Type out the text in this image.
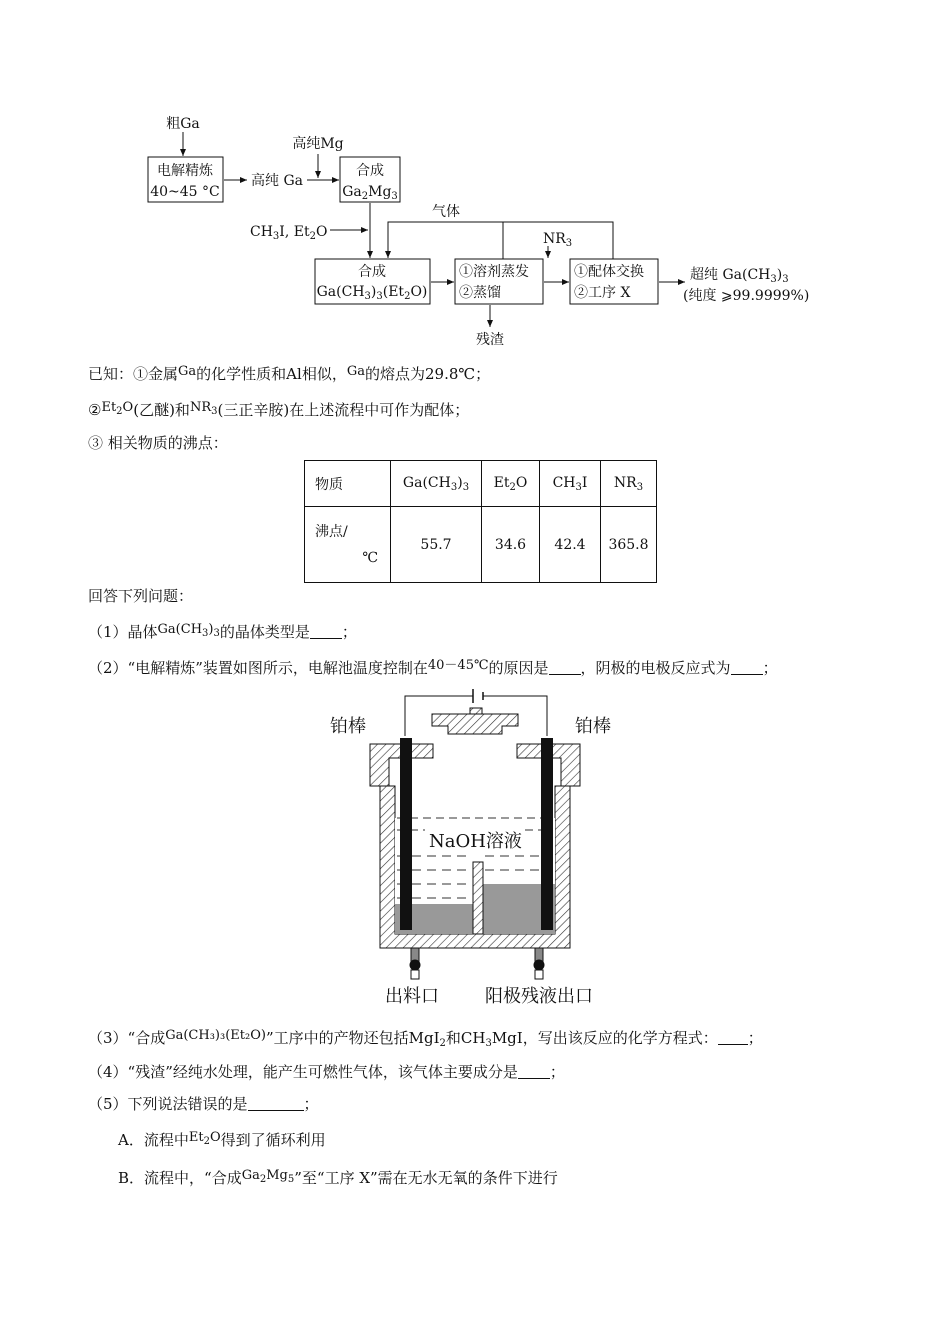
粗Ga
电解精炼
40~45 °C
高纯 Ga
高纯Mg
合成
$Ga_2Mg_3$
气体
$CH_3I$, $Et_2O$
合成
$Ga(CH_3)_3(Et_2O)$
①溶剂蒸发
②蒸馏
$NR_3$
①配体交换
②工序 X
残渣
超纯 $Ga(CH_3)_3$
(纯度 ⩾99.9999%)
已知：①金属Ga的化学性质和Al相似，Ga的熔点为29.8℃；
$②Et_2O$(乙醚)和$NR_3$(三正辛胺)在上述流程中可作为配体；
③ 相关物质的沸点：
物质	$Ga(CH_3)_3$	$Et_2O$	$CH_3I$	$NR_3$

沸点/
℃	55.7	34.6	42.4	365.8
回答下列问题：
（1）晶体$Ga(CH_3)_3$的晶体类型是 ；
（2）“电解精炼”装置如图所示，电解池温度控制在40－45℃的原因是 ，阴极的电极反应式为 ；
铂棒	铂棒
NaOH溶液
出料口	阳极残液出口
（3）“合成Ga(CH₃)₃(Et₂O)”工序中的产物还包括MgI$_2$和$CH_3MgI$，写出该反应的化学方程式： ；
（4）“残渣”经纯水处理，能产生可燃性气体，该气体主要成分是 ；
（5）下列说法错误的是	；
A．流程中$Et_2O$得到了循环利用
B．流程中，“合成$Ga_2Mg_5$”至“工序 X”需在无水无氧的条件下进行
